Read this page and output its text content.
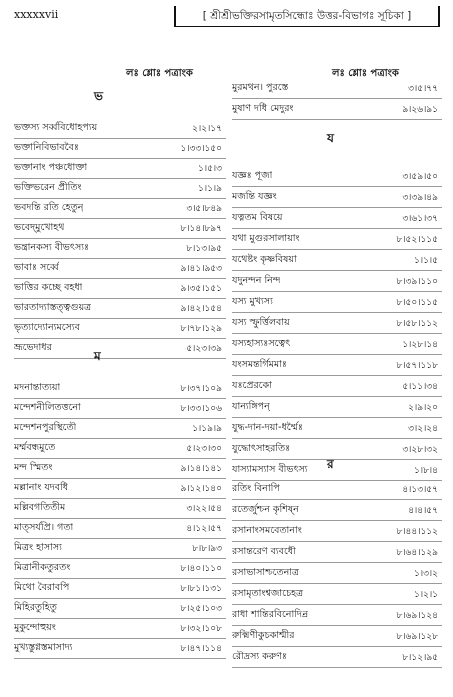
xxxxxvii	[ শ্রীশ্রীভক্তিরসামৃতসিন্ধোঃ উত্তর-বিভাগঃ সূচিকা ]
লঃ শ্লোঃ পত্রাংক
ভ
ভক্তস্য সর্ব্ববিধোহপ্যয়	২।২।১৭
ভক্তানিবিভাববৈঃ	১।৩৩।১৫০
ভক্তানাং পঞ্চধোক্তা	১।৫।৩
ভক্তিভরেন প্রীতিং	১।১।৯
ভবদন্তি রতি হেতুন্	৩।৫।৮৪৯
ভবেদ্‌মুখোহথ	৮।১৪।৮৯৭
ভন্ত্রানকস্য বীভৎস্যঃ	৮।১৩।৯৫
ভাবাঃ সর্ব্বে	৯।৪১।৯৫৩
ভাত্তির কচ্ছে বহধা	৯।৩৫।১৫১
ভারতাদ্যাস্তত্ত্বগুয়ত্র	৯।৪২।১৫৪
ভৃত্যাদ্যোন্যমস্যেব	৮।৭৮।১২৯
ভ্রূভেদাধর	৫।২৩।৩৯
ম
মদনান্তাত্যয়া	৮।৩৭।১০৯
মন্দেশনীলিতত্তনো	৮।৩৩।১০৬
মন্দেশনপুরস্থিতৌ	১।১৯।৯
মর্ম্মবন্ধমুতে	৫।২৩।৩০
মন্দ স্মিতং	৯।১৪।১৪১
মল্লানাং যদবধি	৯।১২।১৪০
মল্লিবগতিতীম	৩।২২।৫৪
মাত্সর্যপ্রি। গতা	৪।১২।৫৭
মিত্রং হাসাস্য	৮।৮।৯৩
মিত্রানীকতুরতং	৮।৪০।১১০
মিথো বৈরাবপি	৮।৮১।১৩১
মিহিরতুহিতু	৮।২৫।১০৩
মুকুন্দোহুয়ং	৮।৩২।১০৮
মুখ্যস্তুগ্নস্তমাসাদ্য	৮।৪৭।১১৪
লঃ শ্লোঃ পত্রাংক
মুরমথন। পুরস্তে	৩।৫।৭৭
মুষাণ দধি মেদুরং	৯।২৬।৯১
য
যজ্ঞঃ পূজা	৩।৫৯।৫০
মজন্তি যজ্ঞং	৩।৩৯।৪৯
যত্নতম বিষয়ে	৩।৬১।৩৭
যথা মুগুরসালায়াং	৮।৫২।১১৫
যথেষ্টং কৃষ্ণবিষয়া	১।১।৫
যদুনন্দন নিন্দ	৮।৩৯।১১০
যস্য মুখ্যস্য	৮।৫০।১১৫
যস্য স্ফুর্ত্তিলবায়	৮।৫৮।১১২
যস্যহাস্যঃসত্বেৎ	১।২৮।১৪
যংসমন্তর্গিমমাঃ	৮।৫৭।১১৮
যঃপ্রেরকো	৫।১১।৩৪
যান্যঙ্গিপন্	২।৯।২০
যুদ্ধ-দান-দয়া-ধর্ম্মৈঃ	৩।২।২৪
যুদ্ধোৎসাহরতিঃ	৩।২৮।৩২
যাস্যামস্যাস বীভৎস্য	১।৮।৪
র
রতিং বিনাপি	৪।১৩।৫৭
রতের্জুশ্চন কৃশিষ্ন	৪।৪।৫৭
রসানাংসমবেতানাং	৮।৪৪।১১২
রসান্তরেণ ব্যবধৌ	৮।৬৪।১২৯
রসাভাসাশ্চতেনাত্র	১।৩।২
রসামৃতাংশ্বজাচেহত্র	১।২।১
রাধা শান্তিরবিনোদিন্র	৮।৬৯।১২৪
রুক্মিণীকুচকাশ্মীর	৮।৬৯।১২৮
রৌদ্রস্য করুণঃ	৮।১২।৯৫
